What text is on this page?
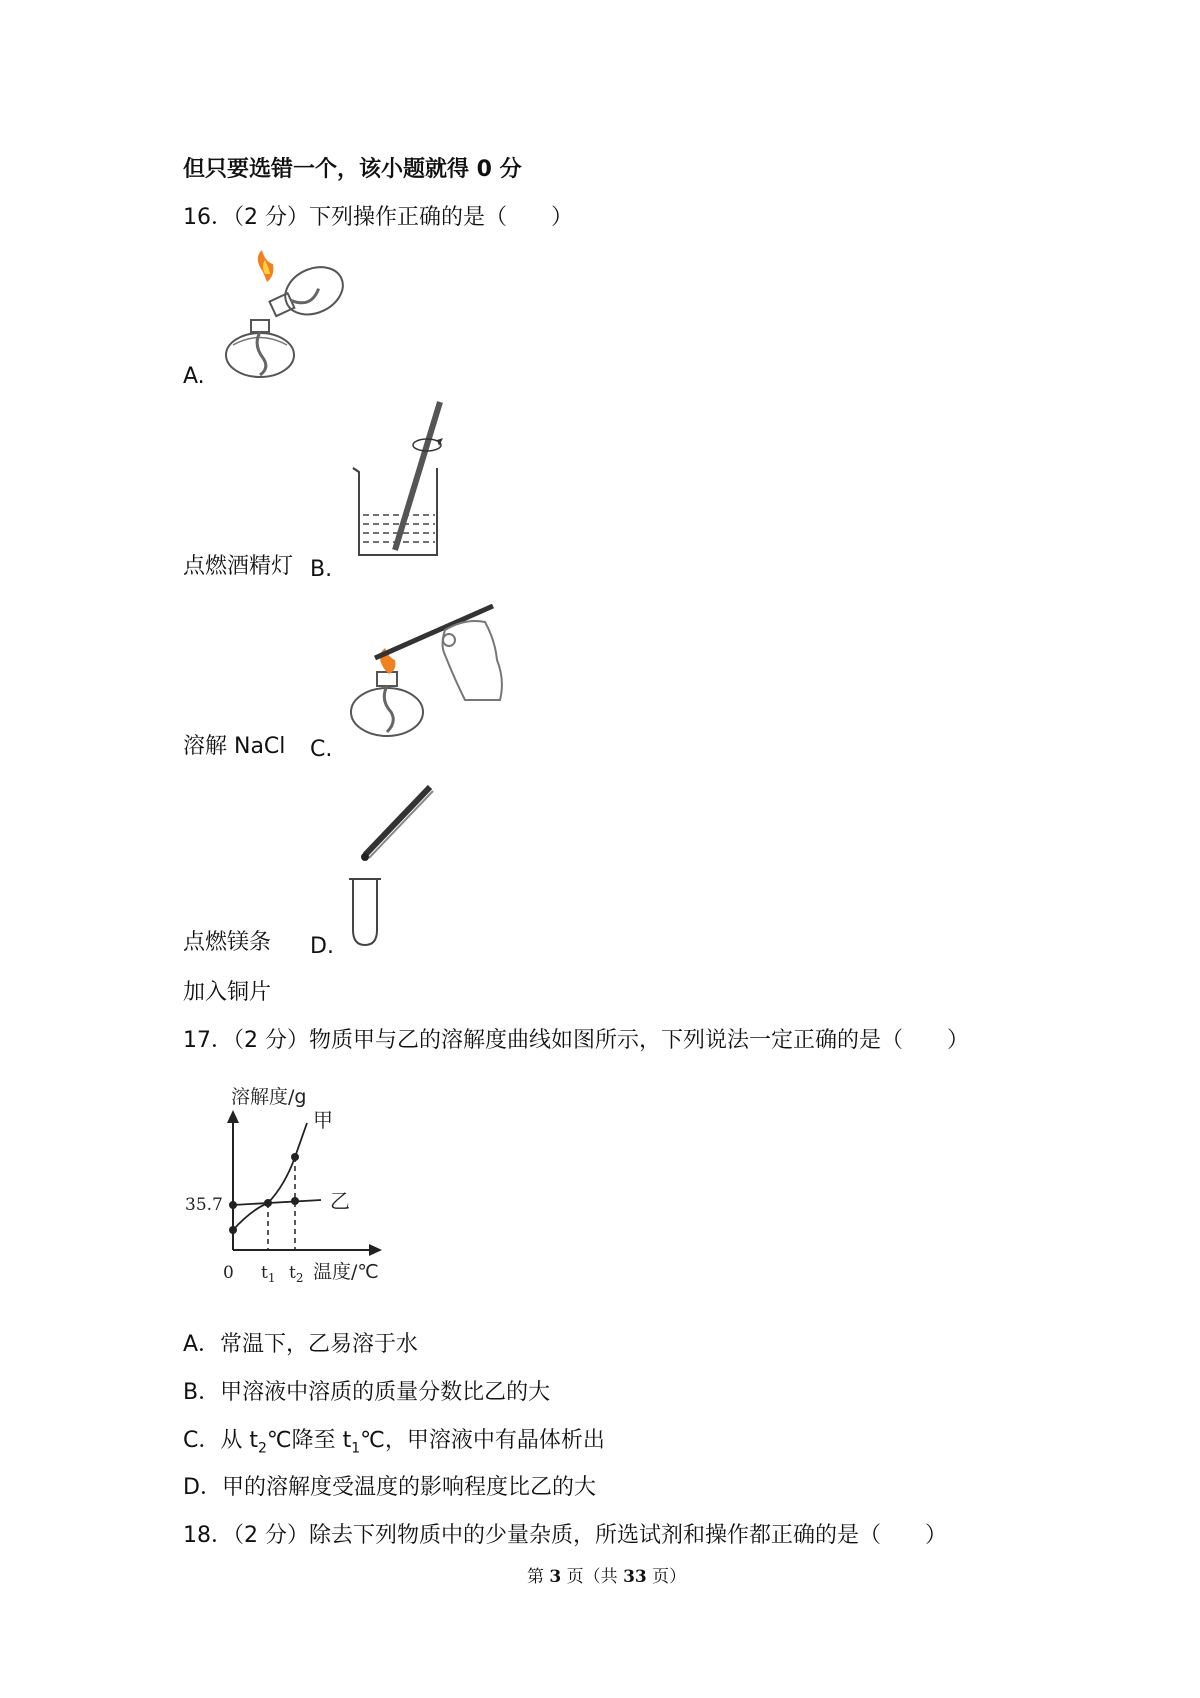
但只要选错一个，该小题就得 0 分
16．（2 分）下列操作正确的是（　　）
A.
点燃酒精灯 B.
溶解 NaCl C.
点燃镁条 D.
加入铜片
17．（2 分）物质甲与乙的溶解度曲线如图所示，下列说法一定正确的是（　　）
溶解度/g
甲
乙
35.7
0 $t_1$ $t_2$ 温度/℃
A．常温下，乙易溶于水
B．甲溶液中溶质的质量分数比乙的大
C．从 $t_2℃$降至 $t_1℃$，甲溶液中有晶体析出
D．甲的溶解度受温度的影响程度比乙的大
18．（2 分）除去下列物质中的少量杂质，所选试剂和操作都正确的是（　　）
第 3 页（共 33 页）
